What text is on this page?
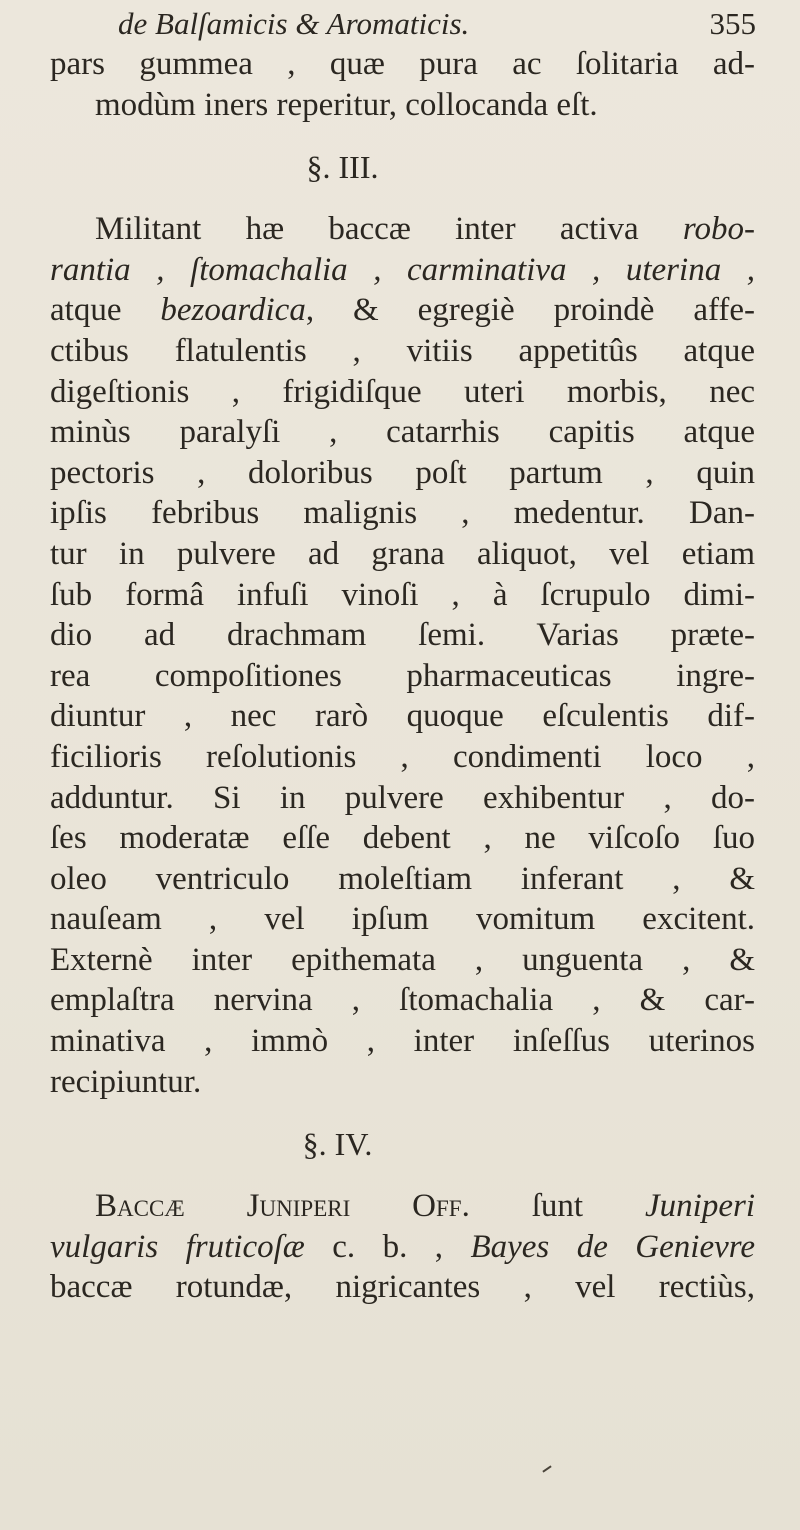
de Balſamicis & Aromaticis.	355
pars gummea , quæ pura ac ſolitaria ad-
modùm iners reperitur, collocanda eſt.
§. III.
Militant hæ baccæ inter activa robo-
rantia , ſtomachalia , carminativa , uterina ,
atque bezoardica, & egregiè proindè affe-
ctibus flatulentis , vitiis appetitûs atque
digeſtionis , frigidiſque uteri morbis, nec
minùs paralyſi , catarrhis capitis atque
pectoris , doloribus poſt partum , quin
ipſis febribus malignis , medentur. Dan-
tur in pulvere ad grana aliquot, vel etiam
ſub formâ infuſi vinoſi , à ſcrupulo dimi-
dio ad drachmam ſemi. Varias præte-
rea compoſitiones pharmaceuticas ingre-
diuntur , nec rarò quoque eſculentis dif-
ficilioris reſolutionis , condimenti loco ,
adduntur. Si in pulvere exhibentur , do-
ſes moderatæ eſſe debent , ne viſcoſo ſuo
oleo ventriculo moleſtiam inferant , &
nauſeam , vel ipſum vomitum excitent.
Externè inter epithemata , unguenta , &
emplaſtra nervina , ſtomachalia , & car-
minativa , immò , inter inſeſſus uterinos
recipiuntur.
§. IV.
Baccæ Juniperi Off. ſunt Juniperi
vulgaris fruticoſæ c. b. , Bayes de Genievre
baccæ rotundæ, nigricantes , vel rectiùs,
